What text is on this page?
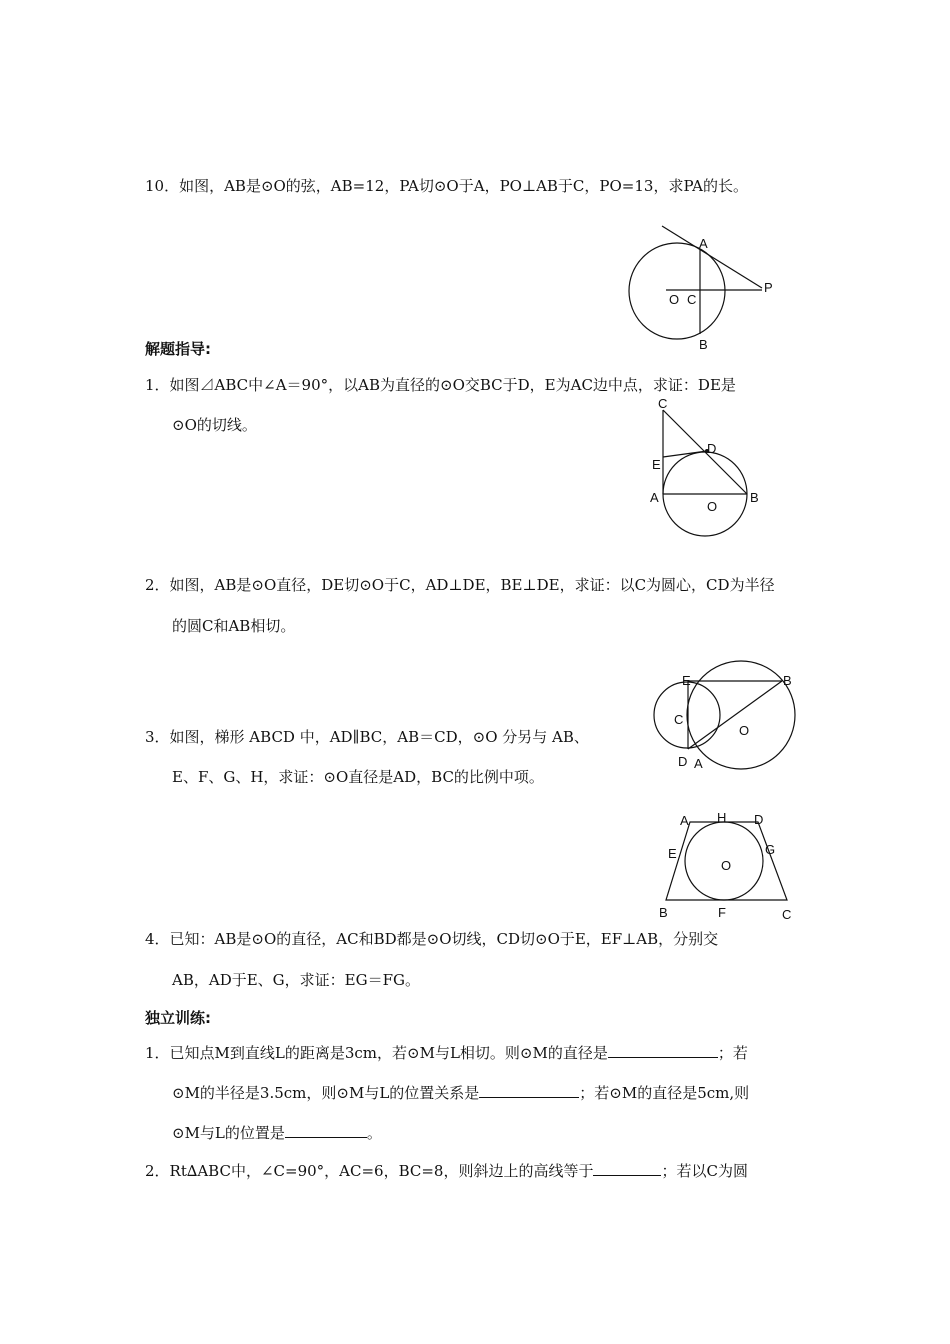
10．如图，AB是⊙O的弦，AB=12，PA切⊙O于A，PO⊥AB于C，PO=13，求PA的长。
A
P
O C
B
解题指导:
1．如图⊿ABC中∠A＝90°，以AB为直径的⊙O交BC于D，E为AC边中点，求证：DE是
⊙O的切线。
C
D
E
A
O
B
2．如图，AB是⊙O直径，DE切⊙O于C，AD⊥DE，BE⊥DE，求证：以C为圆心，CD为半径
的圆C和AB相切。
E	B
C
O
D A
3．如图，梯形 ABCD 中，AD∥BC，AB＝CD，⊙O 分另与 AB、
E、F、G、H，求证：⊙O直径是AD，BC的比例中项。
A H D
E
O
G
B	F	C
4．已知：AB是⊙O的直径，AC和BD都是⊙O切线，CD切⊙O于E，EF⊥AB，分别交
AB，AD于E、G，求证：EG＝FG。
独立训练:
1．已知点M到直线L的距离是3cm，若⊙M与L相切。则⊙M的直径是	；若
⊙M的半径是3.5cm，则⊙M与L的位置关系是	；若⊙M的直径是5cm,则
⊙M与L的位置是	。
2．Rt∆ABC中，∠C=90°，AC=6，BC=8，则斜边上的高线等于	；若以C为圆
